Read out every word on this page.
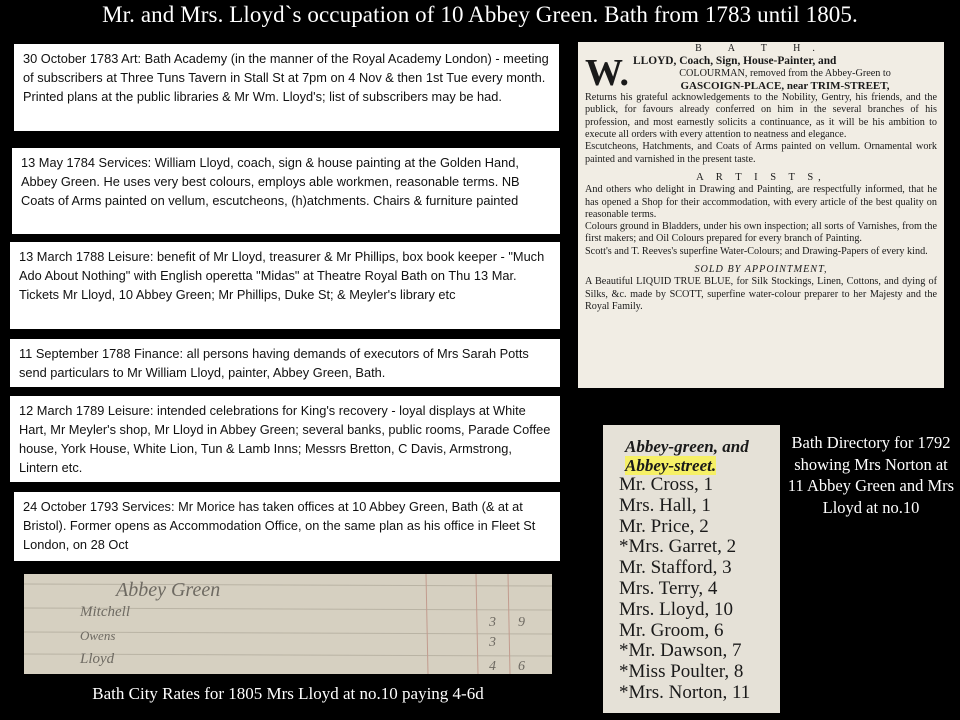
Mr. and Mrs. Lloyd`s occupation of 10 Abbey Green. Bath from 1783 until 1805.
30 October 1783 Art: Bath Academy (in the manner of the Royal Academy London) - meeting of subscribers at Three Tuns Tavern in Stall St at 7pm on 4 Nov & then 1st Tue every month. Printed plans at the public libraries & Mr Wm. Lloyd's; list of subscribers may be had.
13 May 1784 Services: William Lloyd, coach, sign & house painting at the Golden Hand, Abbey Green. He uses very best colours, employs able workmen, reasonable terms. NB Coats of Arms painted on vellum, escutcheons, (h)atchments. Chairs & furniture painted
13 March 1788 Leisure: benefit of Mr Lloyd, treasurer & Mr Phillips, box book keeper - "Much Ado About Nothing" with English operetta "Midas" at Theatre Royal Bath on Thu 13 Mar. Tickets Mr Lloyd, 10 Abbey Green; Mr Phillips, Duke St; & Meyler's library etc
11 September 1788 Finance: all persons having demands of executors of Mrs Sarah Potts send particulars to Mr William Lloyd, painter, Abbey Green, Bath.
12 March 1789 Leisure: intended celebrations for King's recovery - loyal displays at White Hart, Mr Meyler's shop, Mr Lloyd in Abbey Green; several banks, public rooms, Parade Coffee house, York House, White Lion, Tun & Lamb Inns; Messrs Bretton, C Davis, Armstrong, Lintern etc.
24 October 1793 Services: Mr Morice has taken offices at 10 Abbey Green, Bath (& at at Bristol). Former opens as Accommodation Office, on the same plan as his office in Fleet St London, on 28 Oct

B A T H.

W. LLOYD, Coach, Sign, House-Painter, and

COLOURMAN, removed from the Abbey-Green to

GASCOIGN-PLACE, near TRIM-STREET,

Returns his grateful acknowledgements to the Nobility, Gentry, his friends, and the publick, for favours already conferred on him in the several branches of his profession, and most earnestly solicits a continuance, as it will be his ambition to execute all orders with every attention to neatness and elegance.

Escutcheons, Hatchments, and Coats of Arms painted on vellum. Ornamental work painted and varnished in the present taste.

A R T I S T S,

And others who delight in Drawing and Painting, are respectfully informed, that he has opened a Shop for their accommodation, with every article of the best quality on reasonable terms.

Colours ground in Bladders, under his own inspection; all sorts of Varnishes, from the first makers; and Oil Colours prepared for every branch of Painting.

Scott's and T. Reeves's superfine Water-Colours; and Drawing-Papers of every kind.

SOLD BY APPOINTMENT,

A Beautiful LIQUID TRUE BLUE, for Silk Stockings, Linen, Cottons, and dying of Silks, &c. made by SCOTT, superfine water-colour preparer to her Majesty and the Royal Family.

Abbey-green, and
Abbey-street.
Mr. Cross, 1
Mrs. Hall, 1
Mr. Price, 2
*Mrs. Garret, 2
Mr. Stafford, 3
Mrs. Terry, 4
Mrs. Lloyd, 10
Mr. Groom, 6
*Mr. Dawson, 7
*Miss Poulter, 8
*Mrs. Norton, 11
Bath Directory for 1792 showing Mrs Norton at 11 Abbey Green and Mrs Lloyd at no.10
Abbey Green
Mitchell
Owens
Lloyd
3 9
3
4 6
Bath City Rates for 1805 Mrs Lloyd at no.10 paying 4-6d
